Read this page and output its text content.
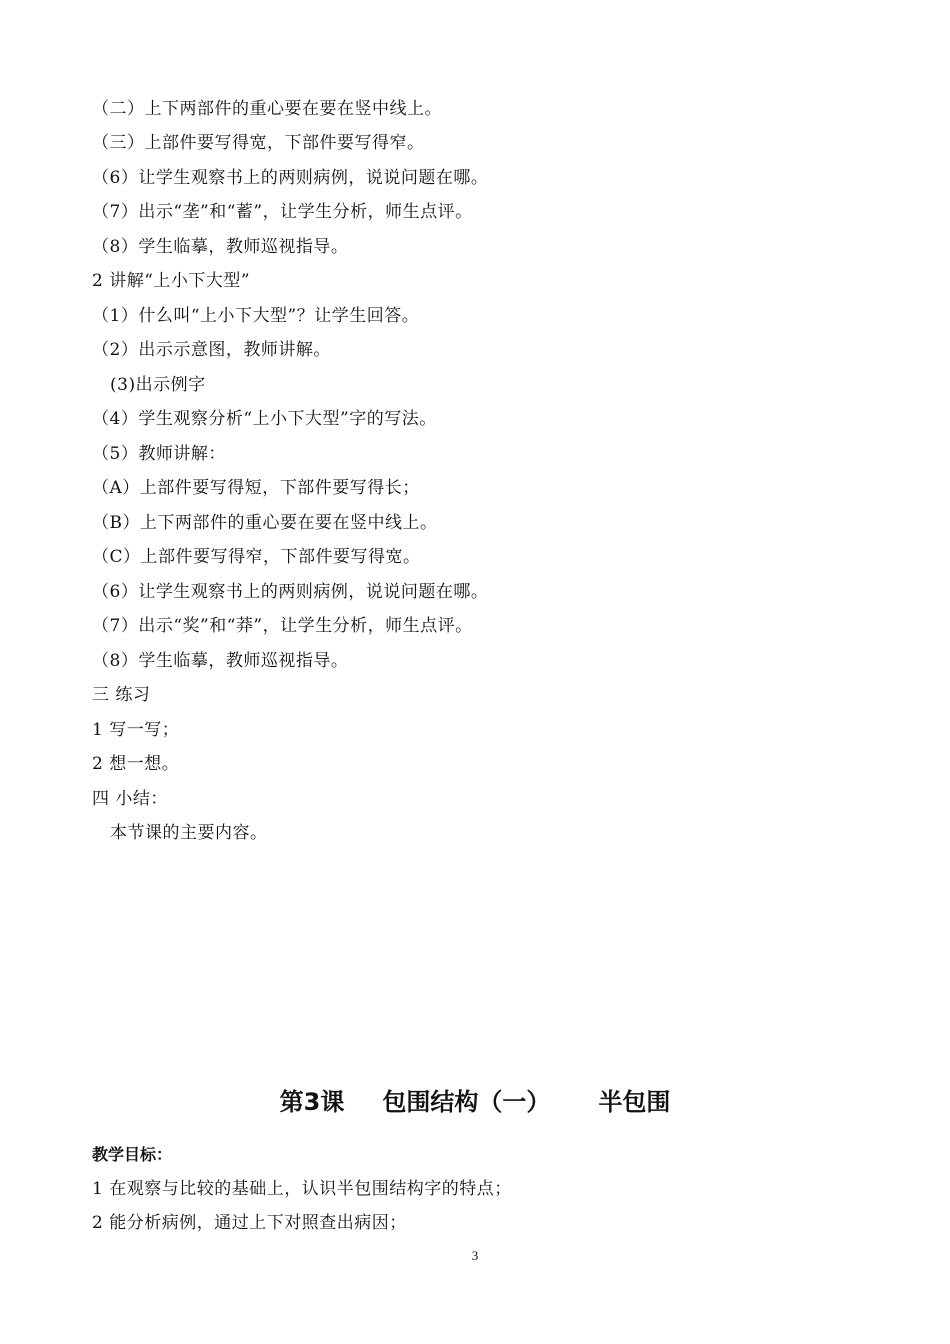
（二）上下两部件的重心要在要在竖中线上。
（三）上部件要写得宽，下部件要写得窄。
（6）让学生观察书上的两则病例，说说问题在哪。
（7）出示“垄”和“蓄”，让学生分析，师生点评。
（8）学生临摹，教师巡视指导。
2 讲解“上小下大型”
（1）什么叫“上小下大型”？让学生回答。
（2）出示示意图，教师讲解。
(3)出示例字
（4）学生观察分析“上小下大型”字的写法。
（5）教师讲解：
（A）上部件要写得短，下部件要写得长；
（B）上下两部件的重心要在要在竖中线上。
（C）上部件要写得窄，下部件要写得宽。
（6）让学生观察书上的两则病例，说说问题在哪。
（7）出示“奖”和“莽”，让学生分析，师生点评。
（8）学生临摹，教师巡视指导。
三 练习
1 写一写；
2 想一想。
四 小结：
本节课的主要内容。
第3课 包围结构（一） 半包围
教学目标：
1 在观察与比较的基础上，认识半包围结构字的特点；
2 能分析病例，通过上下对照查出病因；
3
